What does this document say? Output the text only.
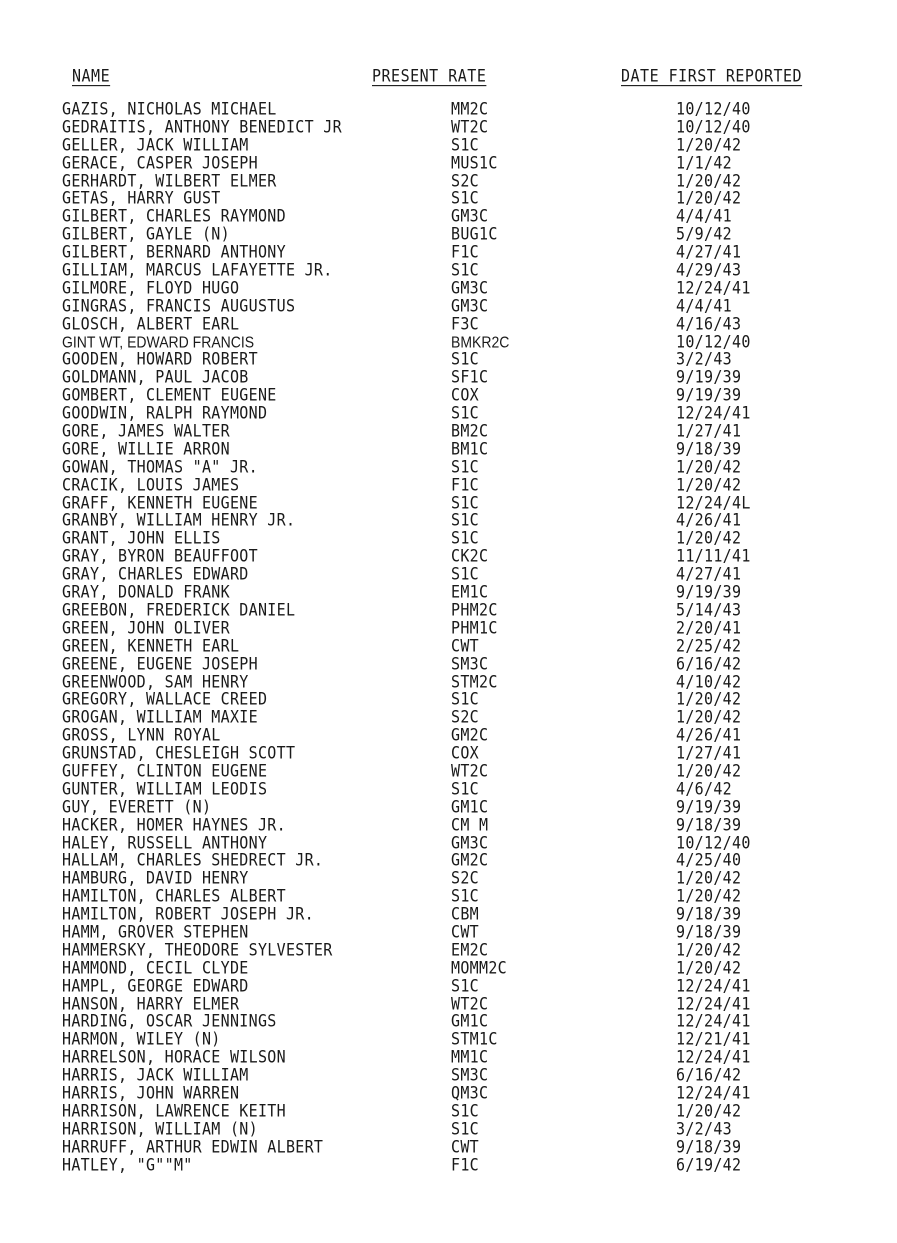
NAME	PRESENT RATE	DATE FIRST REPORTED
GAZIS, NICHOLAS MICHAEL	MM2C	10/12/40
GEDRAITIS, ANTHONY BENEDICT JR	WT2C	10/12/40
GELLER, JACK WILLIAM	S1C	1/20/42
GERACE, CASPER JOSEPH	MUS1C	1/1/42
GERHARDT, WILBERT ELMER	S2C	1/20/42
GETAS, HARRY GUST	S1C	1/20/42
GILBERT, CHARLES RAYMOND	GM3C	4/4/41
GILBERT, GAYLE (N)	BUG1C	5/9/42
GILBERT, BERNARD ANTHONY	F1C	4/27/41
GILLIAM, MARCUS LAFAYETTE JR.	S1C	4/29/43
GILMORE, FLOYD HUGO	GM3C	12/24/41
GINGRAS, FRANCIS AUGUSTUS	GM3C	4/4/41
GLOSCH, ALBERT EARL	F3C	4/16/43
GINT WT, EDWARD FRANCIS	BMKR2C	10/12/40
GOODEN, HOWARD ROBERT	S1C	3/2/43
GOLDMANN, PAUL JACOB	SF1C	9/19/39
GOMBERT, CLEMENT EUGENE	COX	9/19/39
GOODWIN, RALPH RAYMOND	S1C	12/24/41
GORE, JAMES WALTER	BM2C	1/27/41
GORE, WILLIE ARRON	BM1C	9/18/39
GOWAN, THOMAS "A" JR.	S1C	1/20/42
CRACIK, LOUIS JAMES	F1C	1/20/42
GRAFF, KENNETH EUGENE	S1C	12/24/4L
GRANBY, WILLIAM HENRY JR.	S1C	4/26/41
GRANT, JOHN ELLIS	S1C	1/20/42
GRAY, BYRON BEAUFFOOT	CK2C	11/11/41
GRAY, CHARLES EDWARD	S1C	4/27/41
GRAY, DONALD FRANK	EM1C	9/19/39
GREEBON, FREDERICK DANIEL	PHM2C	5/14/43
GREEN, JOHN OLIVER	PHM1C	2/20/41
GREEN, KENNETH EARL	CWT	2/25/42
GREENE, EUGENE JOSEPH	SM3C	6/16/42
GREENWOOD, SAM HENRY	STM2C	4/10/42
GREGORY, WALLACE CREED	S1C	1/20/42
GROGAN, WILLIAM MAXIE	S2C	1/20/42
GROSS, LYNN ROYAL	GM2C	4/26/41
GRUNSTAD, CHESLEIGH SCOTT	COX	1/27/41
GUFFEY, CLINTON EUGENE	WT2C	1/20/42
GUNTER, WILLIAM LEODIS	S1C	4/6/42
GUY, EVERETT (N)	GM1C	9/19/39
HACKER, HOMER HAYNES JR.	CM M	9/18/39
HALEY, RUSSELL ANTHONY	GM3C	10/12/40
HALLAM, CHARLES SHEDRECT JR.	GM2C	4/25/40
HAMBURG, DAVID HENRY	S2C	1/20/42
HAMILTON, CHARLES ALBERT	S1C	1/20/42
HAMILTON, ROBERT JOSEPH JR.	CBM	9/18/39
HAMM, GROVER STEPHEN	CWT	9/18/39
HAMMERSKY, THEODORE SYLVESTER	EM2C	1/20/42
HAMMOND, CECIL CLYDE	MOMM2C	1/20/42
HAMPL, GEORGE EDWARD	S1C	12/24/41
HANSON, HARRY ELMER	WT2C	12/24/41
HARDING, OSCAR JENNINGS	GM1C	12/24/41
HARMON, WILEY (N)	STM1C	12/21/41
HARRELSON, HORACE WILSON	MM1C	12/24/41
HARRIS, JACK WILLIAM	SM3C	6/16/42
HARRIS, JOHN WARREN	QM3C	12/24/41
HARRISON, LAWRENCE KEITH	S1C	1/20/42
HARRISON, WILLIAM (N)	S1C	3/2/43
HARRUFF, ARTHUR EDWIN ALBERT	CWT	9/18/39
HATLEY, "G""M"	F1C	6/19/42
